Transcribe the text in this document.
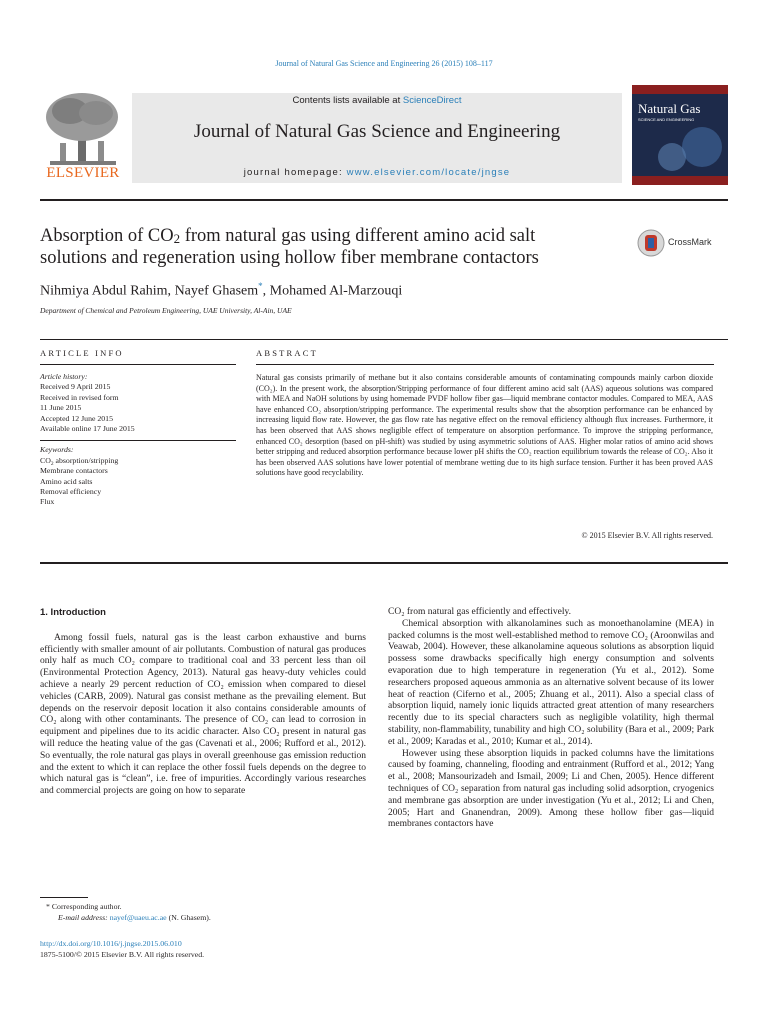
Journal of Natural Gas Science and Engineering 26 (2015) 108–117
ELSEVIER
Contents lists available at ScienceDirect
Journal of Natural Gas Science and Engineering
journal homepage: www.elsevier.com/locate/jngse
Natural Gas
SCIENCE AND ENGINEERING
Absorption of $CO_2$ from natural gas using different amino acid salt
solutions and regeneration using hollow fiber membrane contactors
CrossMark
Nihmiya Abdul Rahim, Nayef Ghasem*, Mohamed Al-Marzouqi
Department of Chemical and Petroleum Engineering, UAE University, Al-Ain, UAE
ARTICLE INFO	ABSTRACT
Article history:
Received 9 April 2015
Received in revised form
11 June 2015
Accepted 12 June 2015
Available online 17 June 2015
Keywords:
$CO_2$ absorption/stripping
Membrane contactors
Amino acid salts
Removal efficiency
Flux
Natural gas consists primarily of methane but it also contains considerable amounts of contaminating compounds mainly carbon dioxide (CO₂). In the present work, the absorption/Stripping performance of four different amino acid salt (AAS) aqueous solutions was compared with MEA and NaOH solutions by using homemade PVDF hollow fiber gas—liquid membrane contactor modules. Compared to MEA, AAS have enhanced CO₂ absorption/stripping performance. The experimental results show that the absorption performance can be enhanced by increasing liquid flow rate. However, the gas flow rate has negative effect on the removal efficiency although flux increases. Furthermore, it has been observed that AAS shows negligible effect of temperature on absorption performance. To improve the stripping performance, enhanced CO₂ desorption (based on pH-shift) was studied by using asymmetric solutions of AAS. Higher molar ratios of amino acid shows better stripping and reduced absorption performance because lower pH shifts the CO₂ reaction equilibrium towards the release of CO₂. Also it has been observed AAS solutions have lower potential of membrane wetting due to its high surface tension. Further it has been proved AAS solutions have good recyclability.
© 2015 Elsevier B.V. All rights reserved.
1. Introduction

Among fossil fuels, natural gas is the least carbon exhaustive and burns efficiently with smaller amount of air pollutants. Combustion of natural gas produces only half as much CO₂ compare to traditional coal and 33 percent less than oil (Environmental Protection Agency, 2013). Natural gas heavy-duty vehicles could achieve a nearly 29 percent reduction of CO₂ emission when compared to diesel vehicles (CARB, 2009). Natural gas consist methane as the prevailing element. But depends on the reservoir deposit location it also contains considerable amounts of CO₂ along with other contaminants. The presence of CO₂ can lead to corrosion in equipment and pipelines due to its acidic character. Also CO₂ present in natural gas will reduce the heating value of the gas (Cavenati et al., 2006; Rufford et al., 2012). So eventually, the role natural gas plays in overall greenhouse gas emission reduction and the extent to which it can replace the other fossil fuels depends on the degree to which natural gas is “clean”, i.e. free of impurities. Accordingly various researches and commercial projects are going on how to separate

CO₂ from natural gas efficiently and effectively.

Chemical absorption with alkanolamines such as monoethanolamine (MEA) in packed columns is the most well-established method to remove CO₂ (Aroonwilas and Veawab, 2004). However, these alkanolamine aqueous solutions as absorption liquid possess some drawbacks specifically high energy consumption and solvents evaporation due to high temperature in regeneration (Yu et al., 2012). Some researchers proposed aqueous ammonia as an alternative solvent because of its lower heat of reaction (Ciferno et al., 2005; Zhuang et al., 2011). Also a special class of absorption liquid, namely ionic liquids attracted great attention of many researchers recently due to its special characters such as negligible volatility, high thermal stability, non-flammability, tunability and high CO₂ solubility (Bara et al., 2009; Park et al., 2009; Karadas et al., 2010; Kumar et al., 2014).

However using these absorption liquids in packed columns have the limitations caused by foaming, channeling, flooding and entrainment (Rufford et al., 2012; Yang et al., 2008; Mansourizadeh and Ismail, 2009; Li and Chen, 2005). Hence different techniques of CO₂ separation from natural gas including solid adsorption, cryogenics and membrane gas absorption are under investigation (Yu et al., 2012; Li and Chen, 2005; Hart and Gnanendran, 2009). Among these hollow fiber gas—liquid membranes contactors have

* Corresponding author.
E-mail address: nayef@uaeu.ac.ae (N. Ghasem).
http://dx.doi.org/10.1016/j.jngse.2015.06.010
1875-5100/© 2015 Elsevier B.V. All rights reserved.
